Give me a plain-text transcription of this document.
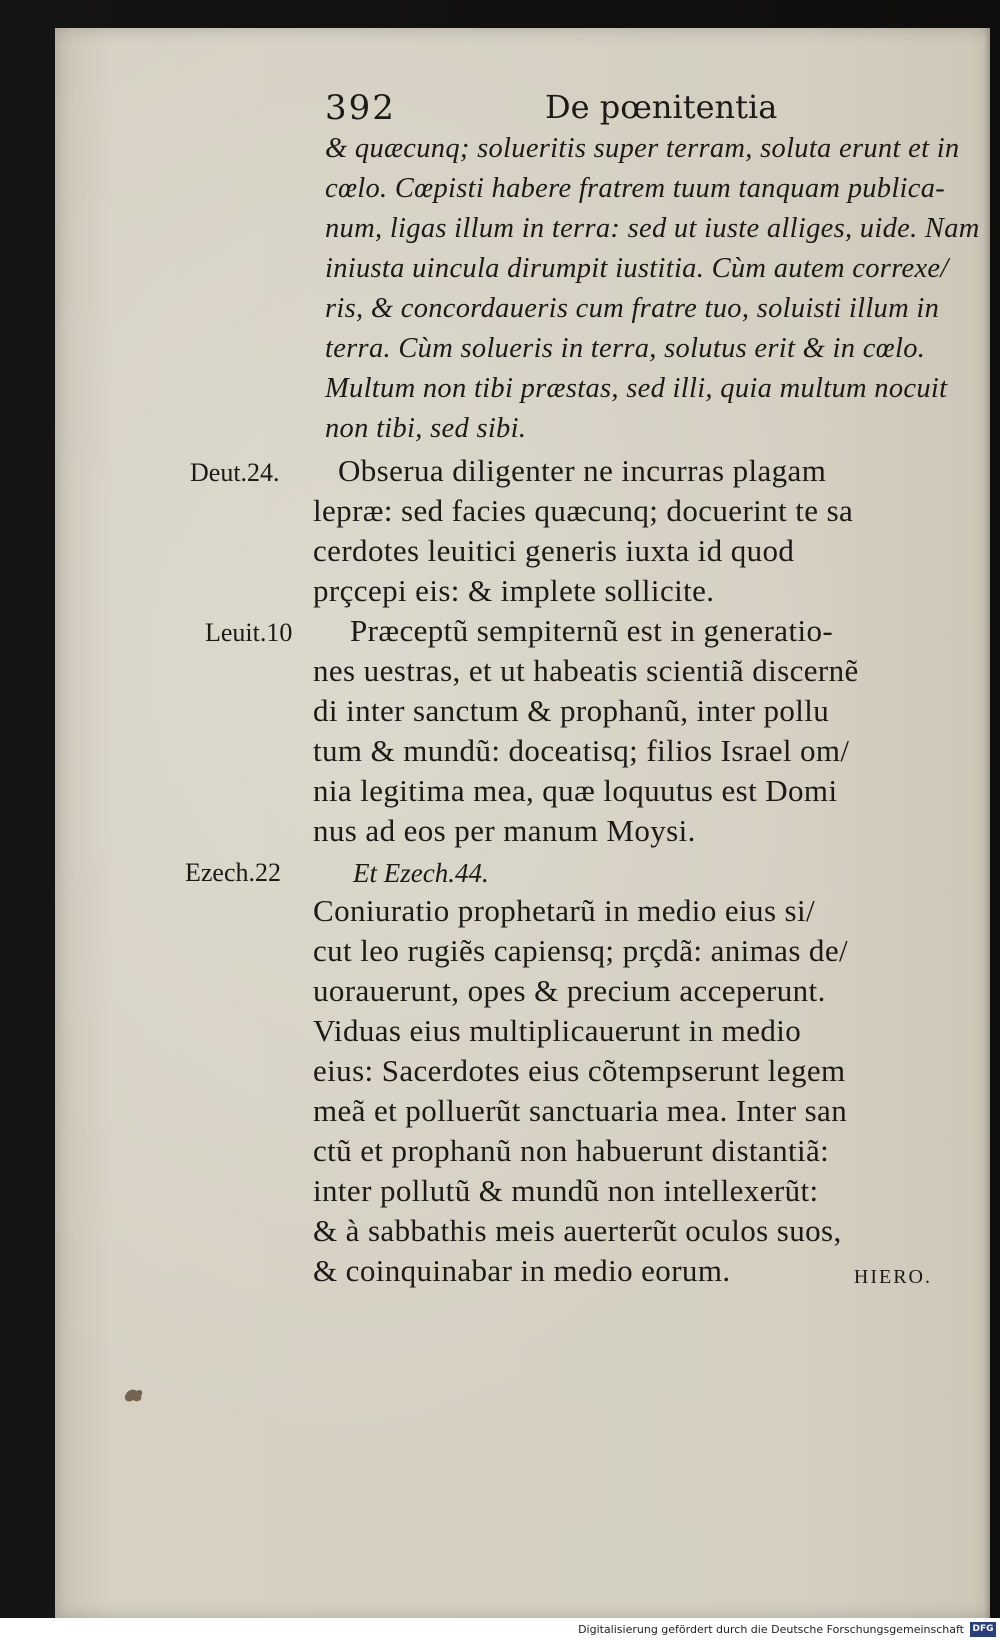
392	De pœnitentia
& quæcunq; solueritis super terram, soluta erunt et in
cœlo. Cœpisti habere fratrem tuum tanquam publica-
num, ligas illum in terra: sed ut iuste alliges, uide. Nam
iniusta uincula dirumpit iustitia. Cùm autem correxe/
ris, & concordaueris cum fratre tuo, soluisti illum in
terra. Cùm solueris in terra, solutus erit & in cœlo.
Multum non tibi præstas, sed illi, quia multum nocuit
non tibi, sed sibi.
Deut.24. Obserua diligenter ne incurras plagam
lepræ: sed facies quæcunq; docuerint te sa
cerdotes leuitici generis iuxta id quod
prçcepi eis: & implete sollicite.
Leuit.10 Præceptũ sempiternũ est in generatio-
nes uestras, et ut habeatis scientiã discernẽ
di inter sanctum & prophanũ, inter pollu
tum & mundũ: doceatisq; filios Israel om/
nia legitima mea, quæ loquutus est Domi
nus ad eos per manum Moysi.
Ezech.22	Et Ezech.44.
Coniuratio prophetarũ in medio eius si/
cut leo rugiẽs capiensq; prçdã: animas de/
uorauerunt, opes & precium acceperunt.
Viduas eius multiplicauerunt in medio
eius: Sacerdotes eius cõtempserunt legem
meã et polluerũt sanctuaria mea. Inter san
ctũ et prophanũ non habuerunt distantiã:
inter pollutũ & mundũ non intellexerũt:
& à sabbathis meis auerterũt oculos suos,
& coinquinabar in medio eorum.	HIERO.
Digitalisierung gefördert durch die Deutsche Forschungsgemeinschaft DFG
